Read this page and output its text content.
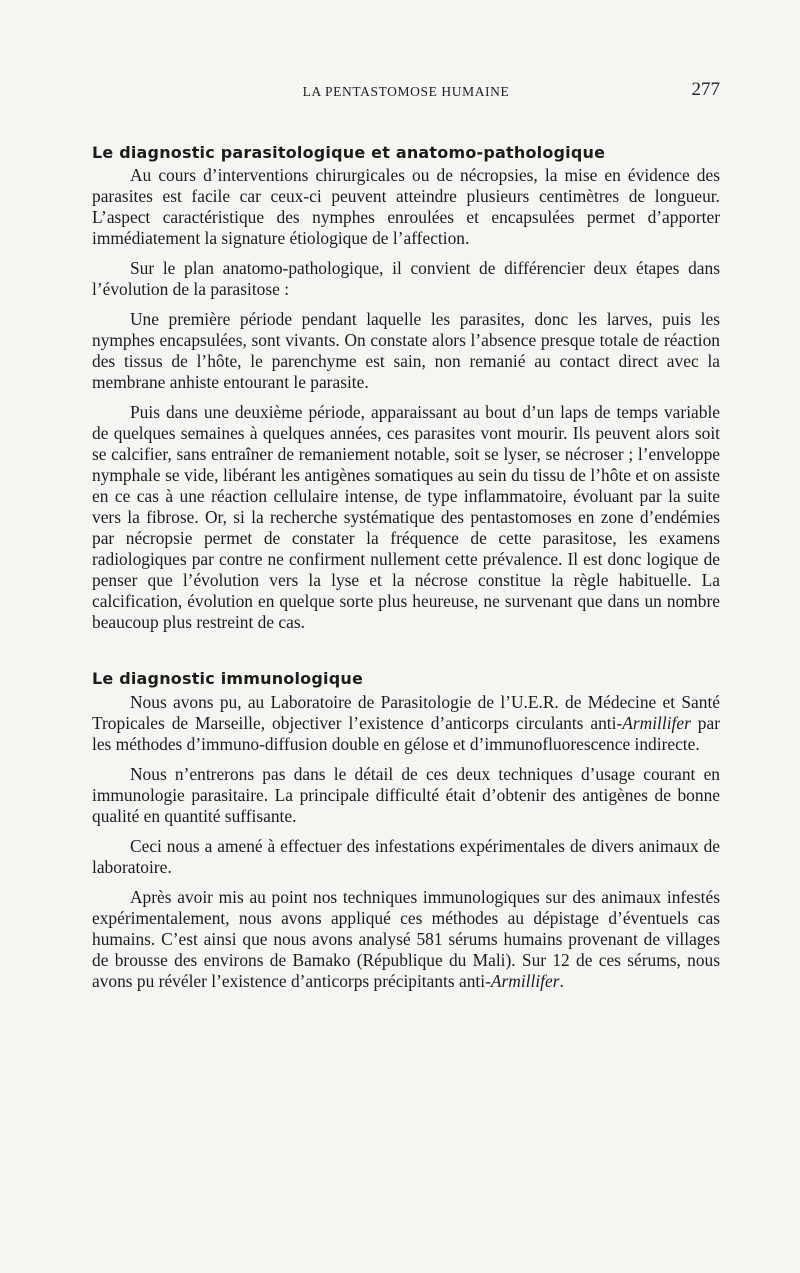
LA PENTASTOMOSE HUMAINE	277
Le diagnostic parasitologique et anatomo-pathologique

Au cours d’interventions chirurgicales ou de nécropsies, la mise en évidence des parasites est facile car ceux-ci peuvent atteindre plusieurs centimètres de longueur. L’aspect caractéristique des nymphes enroulées et encapsulées permet d’apporter immédiatement la signature étiologique de l’affection.

Sur le plan anatomo-pathologique, il convient de différencier deux étapes dans l’évolution de la parasitose :

Une première période pendant laquelle les parasites, donc les larves, puis les nymphes encapsulées, sont vivants. On constate alors l’absence presque totale de réaction des tissus de l’hôte, le parenchyme est sain, non remanié au contact direct avec la membrane anhiste entourant le parasite.

Puis dans une deuxième période, apparaissant au bout d’un laps de temps variable de quelques semaines à quelques années, ces parasites vont mourir. Ils peuvent alors soit se calcifier, sans entraîner de remaniement notable, soit se lyser, se nécroser ; l’enveloppe nymphale se vide, libérant les antigènes somatiques au sein du tissu de l’hôte et on assiste en ce cas à une réaction cellulaire intense, de type inflammatoire, évoluant par la suite vers la fibrose. Or, si la recherche systématique des pentastomoses en zone d’endémies par nécropsie permet de constater la fréquence de cette parasitose, les examens radiologiques par contre ne confirment nullement cette prévalence. Il est donc logique de penser que l’évolution vers la lyse et la nécrose constitue la règle habituelle. La calcification, évolution en quelque sorte plus heureuse, ne survenant que dans un nombre beaucoup plus restreint de cas.

Le diagnostic immunologique

Nous avons pu, au Laboratoire de Parasitologie de l’U.E.R. de Médecine et Santé Tropicales de Marseille, objectiver l’existence d’anticorps circulants anti-Armillifer par les méthodes d’immuno-diffusion double en gélose et d’immunofluorescence indirecte.

Nous n’entrerons pas dans le détail de ces deux techniques d’usage courant en immunologie parasitaire. La principale difficulté était d’obtenir des antigènes de bonne qualité en quantité suffisante.

Ceci nous a amené à effectuer des infestations expérimentales de divers animaux de laboratoire.

Après avoir mis au point nos techniques immunologiques sur des animaux infestés expérimentalement, nous avons appliqué ces méthodes au dépistage d’éventuels cas humains. C’est ainsi que nous avons analysé 581 sérums humains provenant de villages de brousse des environs de Bamako (République du Mali). Sur 12 de ces sérums, nous avons pu révéler l’existence d’anticorps précipitants anti-Armillifer.
